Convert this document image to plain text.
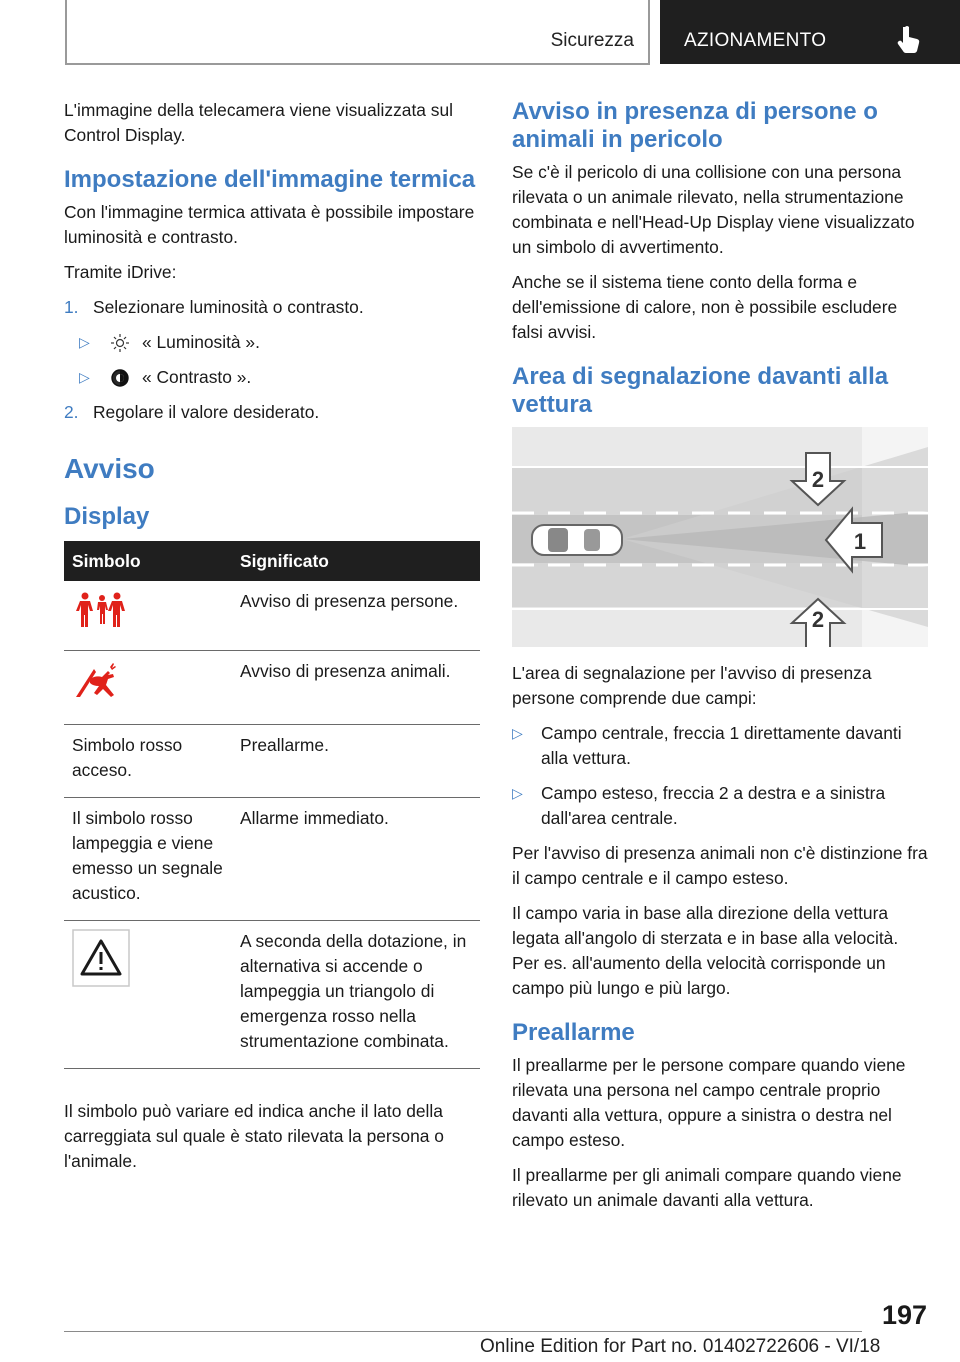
Sicurezza	AZIONAMENTO

L'immagine della telecamera viene visualizzata sul Control Display.

Impostazione dell'immagine termica

Con l'immagine termica attivata è possibile impostare luminosità e contrasto.

Tramite iDrive:

1. Selezionare luminosità o contrasto.
▷	« Luminosità ».
▷	« Contrasto ».
2. Regolare il valore desiderato.
Avviso
Display
Simbolo	Significato
	Avviso di presenza persone.
	Avviso di presenza animali.
Simbolo rosso acceso.	Preallarme.
Il simbolo rosso lampeggia e viene emesso un segnale acustico.	Allarme immediato.
	A seconda della dotazione, in alternativa si accende o lampeggia un triangolo di emergenza rosso nella strumentazione combinata.

Il simbolo può variare ed indica anche il lato della carreggiata sul quale è stato rilevata la persona o l'animale.

Avviso in presenza di persone o animali in pericolo

Se c'è il pericolo di una collisione con una persona rilevata o un animale rilevato, nella strumentazione combinata e nell'Head-Up Display viene visualizzato un simbolo di avvertimento.

Anche se il sistema tiene conto della forma e dell'emissione di calore, non è possibile escludere falsi avvisi.

Area di segnalazione davanti alla vettura
2
1
2

L'area di segnalazione per l'avviso di presenza persone comprende due campi:

▷	Campo centrale, freccia 1 direttamente davanti alla vettura.
▷	Campo esteso, freccia 2 a destra e a sinistra dall'area centrale.

Per l'avviso di presenza animali non c'è distinzione fra il campo centrale e il campo esteso.

Il campo varia in base alla direzione della vettura legata all'angolo di sterzata e in base alla velocità. Per es. all'aumento della velocità corrisponde un campo più lungo e più largo.

Preallarme

Il preallarme per le persone compare quando viene rilevata una persona nel campo centrale proprio davanti alla vettura, oppure a sinistra o destra nel campo esteso.

Il preallarme per gli animali compare quando viene rilevato un animale davanti alla vettura.

197
Online Edition for Part no. 01402722606 - VI/18
